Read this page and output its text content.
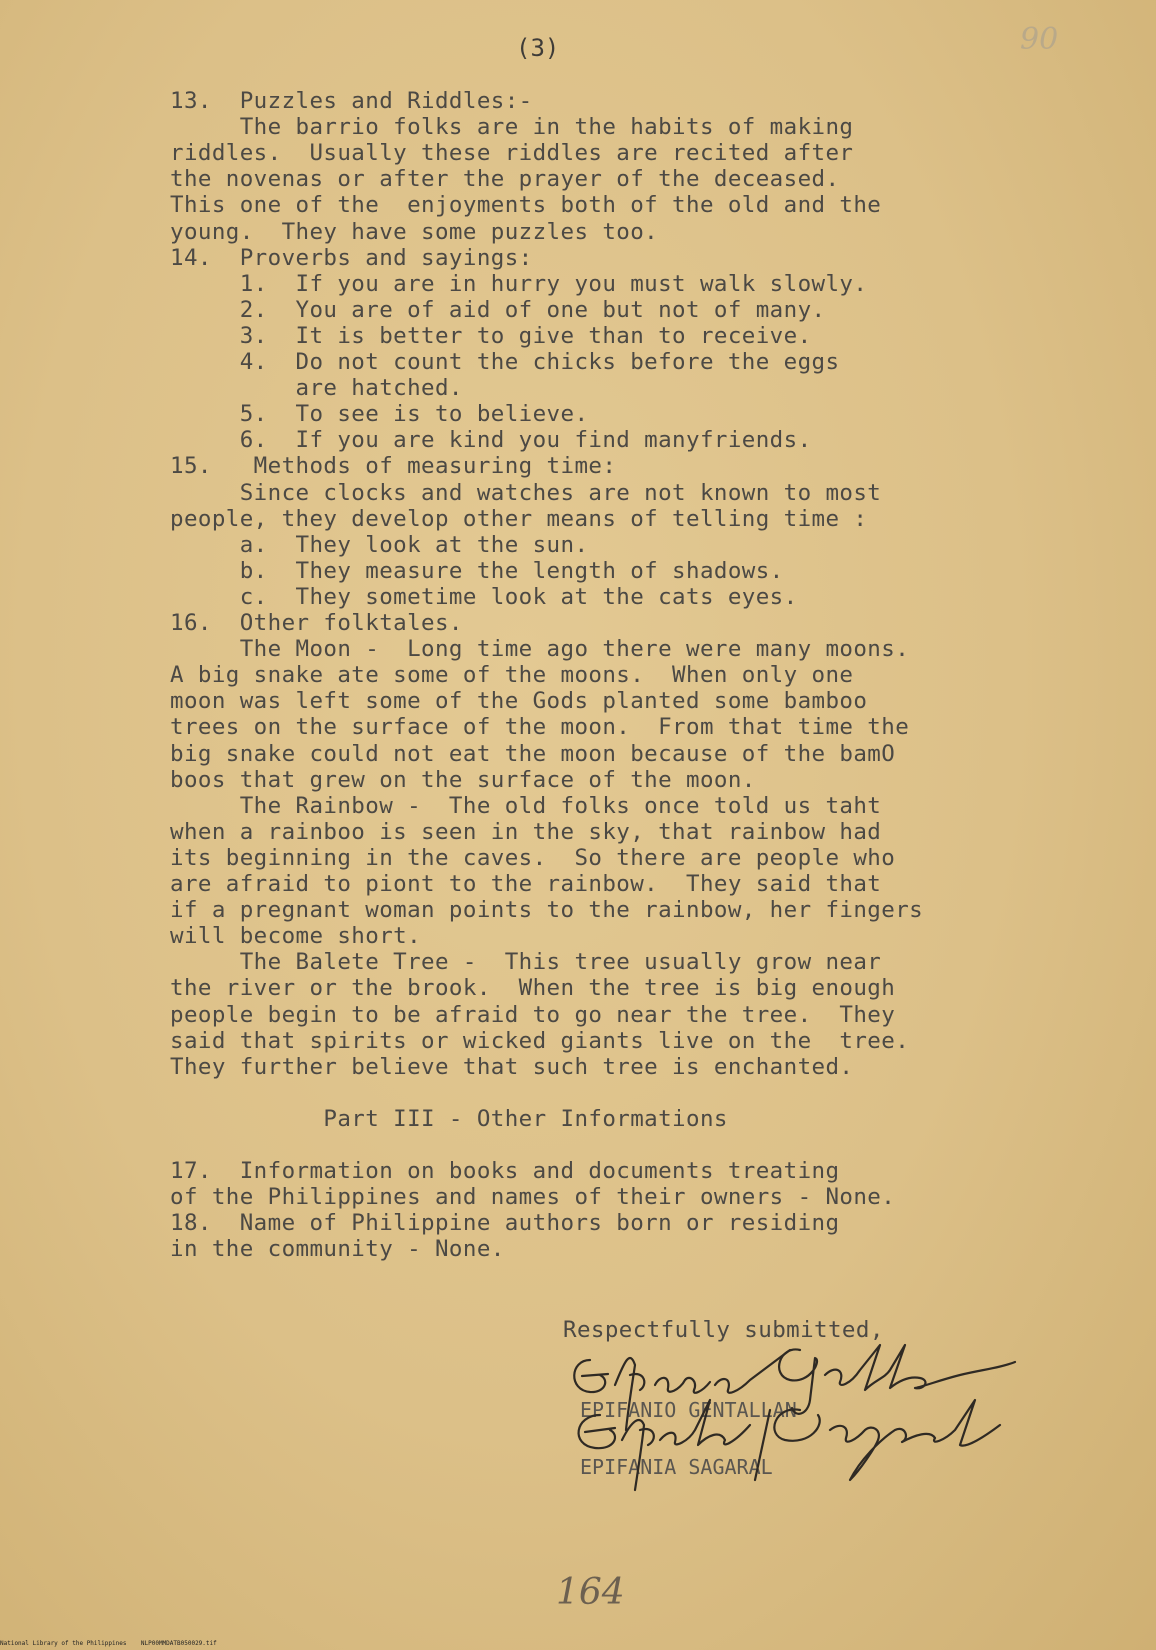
(3)	90
13.  Puzzles and Riddles:-
The barrio folks are in the habits of making
riddles.  Usually these riddles are recited after
the novenas or after the prayer of the deceased.
This one of the  enjoyments both of the old and the
young.  They have some puzzles too.
14.  Proverbs and sayings:
1.  If you are in hurry you must walk slowly.
2.  You are of aid of one but not of many.
3.  It is better to give than to receive.
4.  Do not count the chicks before the eggs
are hatched.
5.  To see is to believe.
6.  If you are kind you find manyfriends.
15.   Methods of measuring time:
Since clocks and watches are not known to most
people, they develop other means of telling time :
a.  They look at the sun.
b.  They measure the length of shadows.
c.  They sometime look at the cats eyes.
16.  Other folktales.
The Moon -  Long time ago there were many moons.
A big snake ate some of the moons.  When only one
moon was left some of the Gods planted some bamboo
trees on the surface of the moon.  From that time the
big snake could not eat the moon because of the bamO
boos that grew on the surface of the moon.
The Rainbow -  The old folks once told us taht
when a rainboo is seen in the sky, that rainbow had
its beginning in the caves.  So there are people who
are afraid to piont to the rainbow.  They said that
if a pregnant woman points to the rainbow, her fingers
will become short.
The Balete Tree -  This tree usually grow near
the river or the brook.  When the tree is big enough
people begin to be afraid to go near the tree.  They
said that spirits or wicked giants live on the  tree.
They further believe that such tree is enchanted.
Part III - Other Informations
17.  Information on books and documents treating
of the Philippines and names of their owners - None.
18.  Name of Philippine authors born or residing
in the community - None.
Respectfully submitted,
EPIFANIO GENTALLAN
EPIFANIA SAGARAL
164
National Library of the Philippines    NLP00MMDATB050029.tif
